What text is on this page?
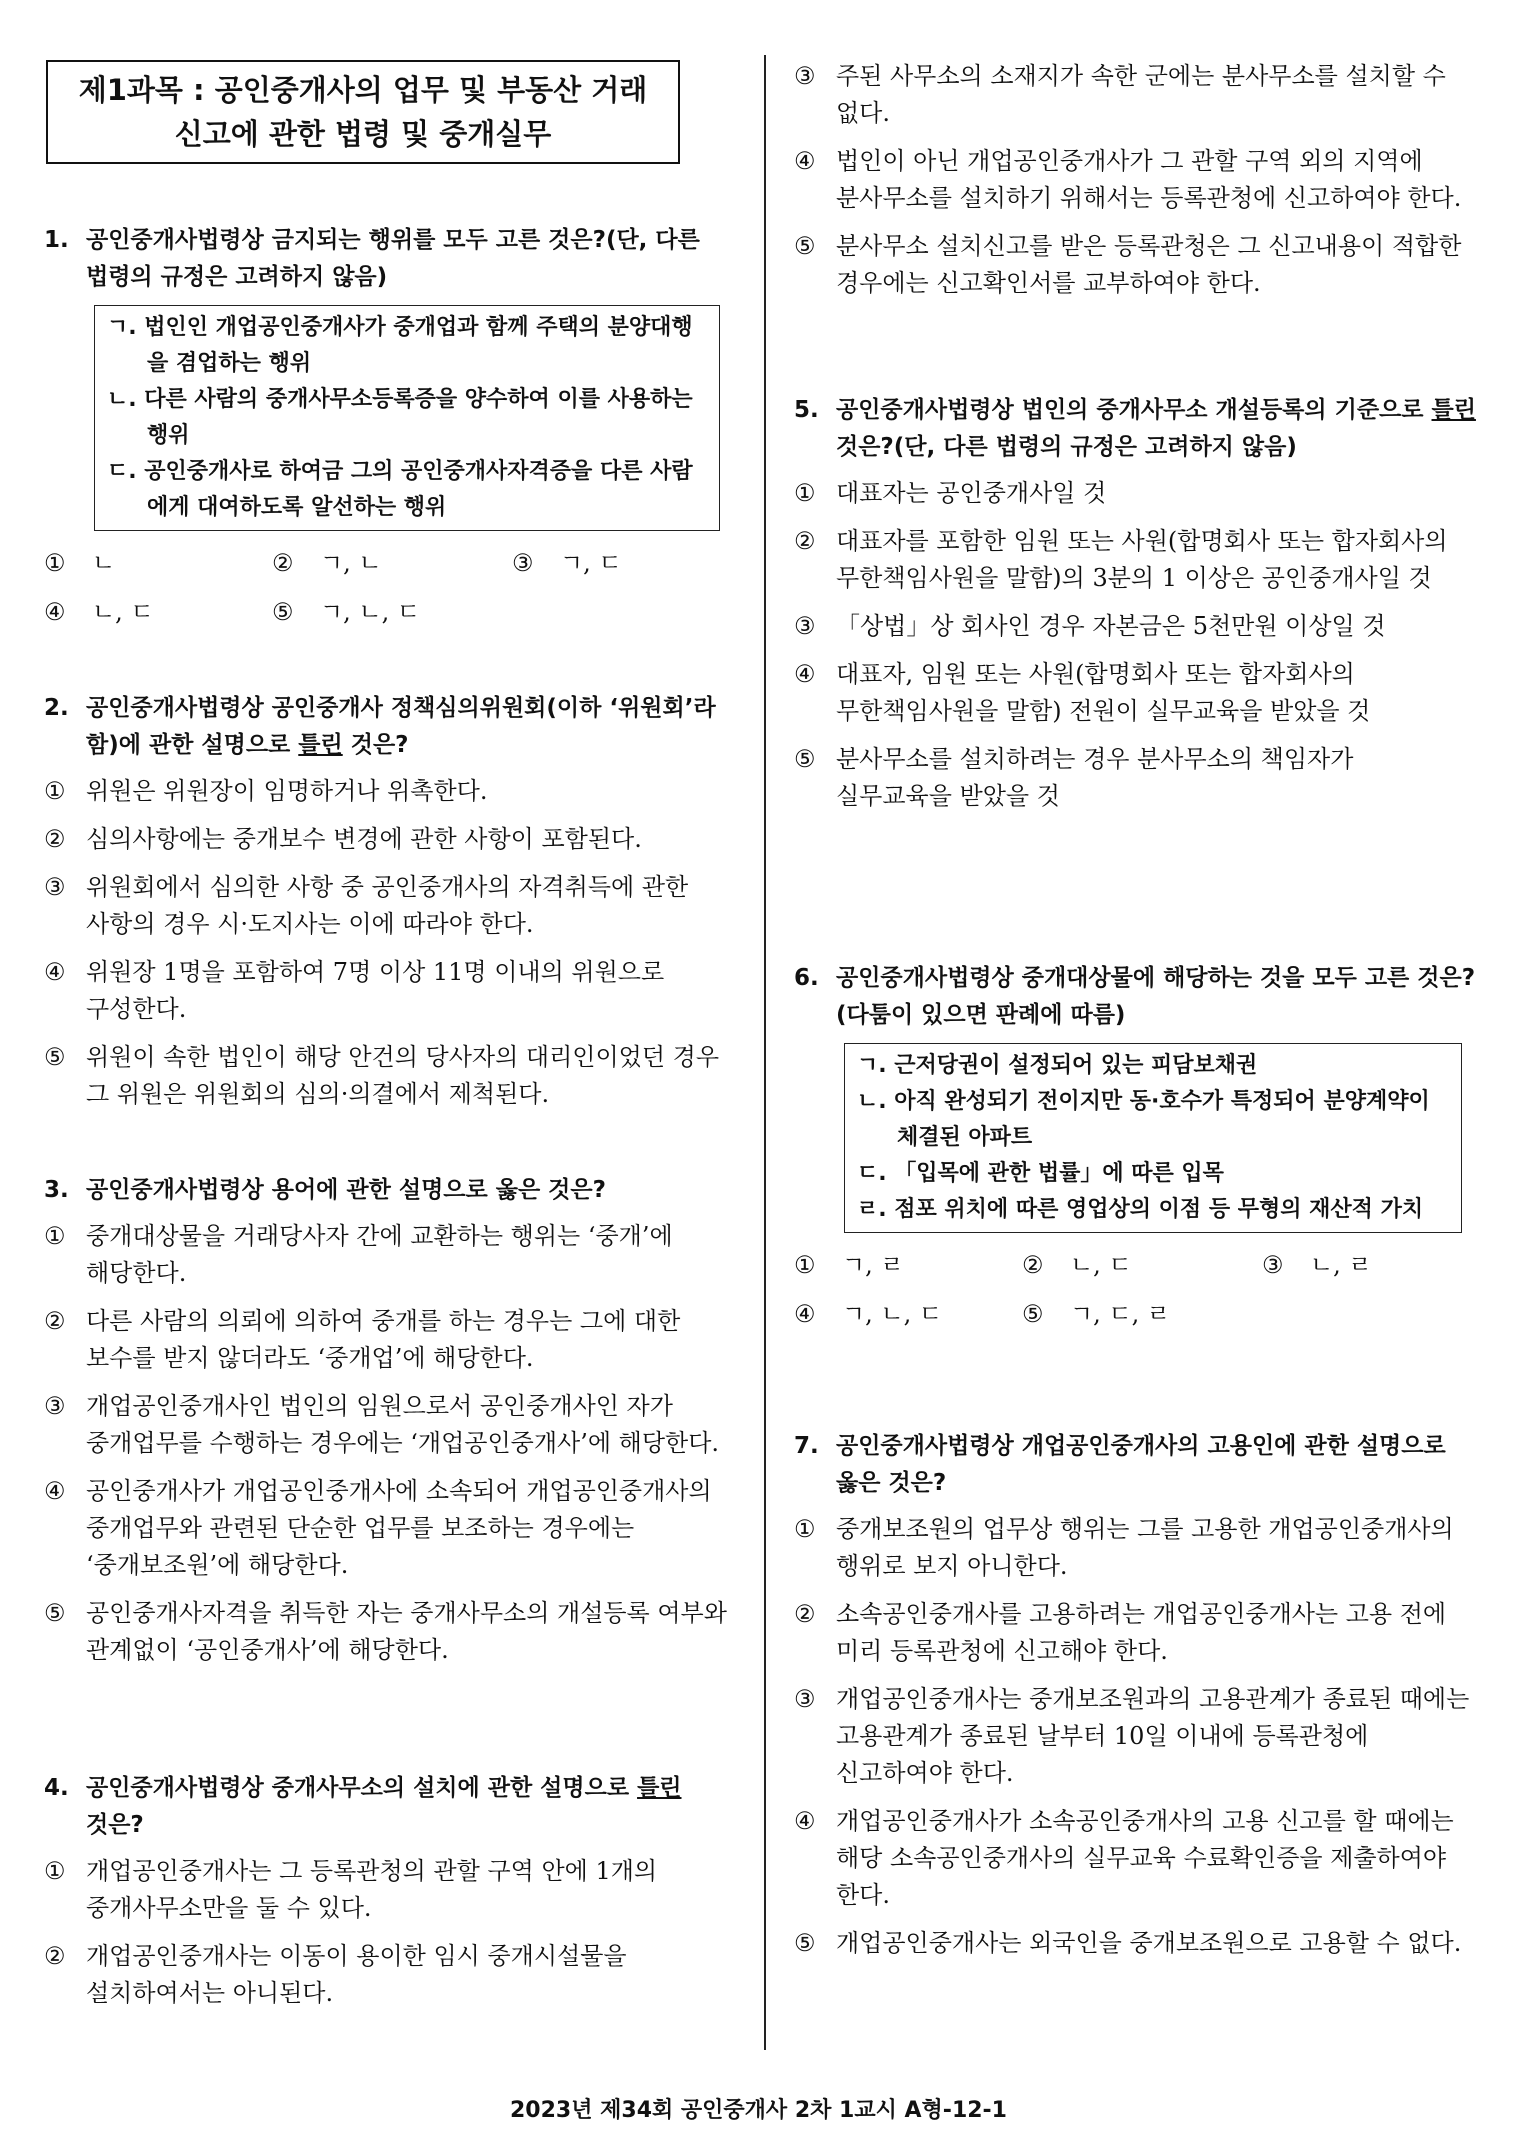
제1과목 : 공인중개사의 업무 및 부동산 거래
신고에 관한 법령 및 중개실무

1. 공인중개사법령상 금지되는 행위를 모두 고른 것은?(단, 다른 법령의 규정은 고려하지 않음)

ㄱ. 법인인 개업공인중개사가 중개업과 함께 주택의 분양대행을 겸업하는 행위
ㄴ. 다른 사람의 중개사무소등록증을 양수하여 이를 사용하는 행위
ㄷ. 공인중개사로 하여금 그의 공인중개사자격증을 다른 사람에게 대여하도록 알선하는 행위
① ㄴ	② ㄱ, ㄴ	③ ㄱ, ㄷ
④ ㄴ, ㄷ	⑤ ㄱ, ㄴ, ㄷ

2. 공인중개사법령상 공인중개사 정책심의위원회(이하 ‘위원회’라 함)에 관한 설명으로 틀린 것은?

① 위원은 위원장이 임명하거나 위촉한다.
② 심의사항에는 중개보수 변경에 관한 사항이 포함된다.
③ 위원회에서 심의한 사항 중 공인중개사의 자격취득에 관한 사항의 경우 시·도지사는 이에 따라야 한다.
④ 위원장 1명을 포함하여 7명 이상 11명 이내의 위원으로 구성한다.
⑤ 위원이 속한 법인이 해당 안건의 당사자의 대리인이었던 경우 그 위원은 위원회의 심의·의결에서 제척된다.

3. 공인중개사법령상 용어에 관한 설명으로 옳은 것은?

① 중개대상물을 거래당사자 간에 교환하는 행위는 ‘중개’에 해당한다.
② 다른 사람의 의뢰에 의하여 중개를 하는 경우는 그에 대한 보수를 받지 않더라도 ‘중개업’에 해당한다.
③ 개업공인중개사인 법인의 임원으로서 공인중개사인 자가 중개업무를 수행하는 경우에는 ‘개업공인중개사’에 해당한다.
④ 공인중개사가 개업공인중개사에 소속되어 개업공인중개사의 중개업무와 관련된 단순한 업무를 보조하는 경우에는 ‘중개보조원’에 해당한다.
⑤ 공인중개사자격을 취득한 자는 중개사무소의 개설등록 여부와 관계없이 ‘공인중개사’에 해당한다.

4. 공인중개사법령상 중개사무소의 설치에 관한 설명으로 틀린 것은?

① 개업공인중개사는 그 등록관청의 관할 구역 안에 1개의 중개사무소만을 둘 수 있다.
② 개업공인중개사는 이동이 용이한 임시 중개시설물을 설치하여서는 아니된다.
③ 주된 사무소의 소재지가 속한 군에는 분사무소를 설치할 수 없다.
④ 법인이 아닌 개업공인중개사가 그 관할 구역 외의 지역에 분사무소를 설치하기 위해서는 등록관청에 신고하여야 한다.
⑤ 분사무소 설치신고를 받은 등록관청은 그 신고내용이 적합한 경우에는 신고확인서를 교부하여야 한다.

5. 공인중개사법령상 법인의 중개사무소 개설등록의 기준으로 틀린 것은?(단, 다른 법령의 규정은 고려하지 않음)

① 대표자는 공인중개사일 것
② 대표자를 포함한 임원 또는 사원(합명회사 또는 합자회사의 무한책임사원을 말함)의 3분의 1 이상은 공인중개사일 것
③ 「상법」상 회사인 경우 자본금은 5천만원 이상일 것
④ 대표자, 임원 또는 사원(합명회사 또는 합자회사의 무한책임사원을 말함) 전원이 실무교육을 받았을 것
⑤ 분사무소를 설치하려는 경우 분사무소의 책임자가 실무교육을 받았을 것

6. 공인중개사법령상 중개대상물에 해당하는 것을 모두 고른 것은?(다툼이 있으면 판례에 따름)

ㄱ. 근저당권이 설정되어 있는 피담보채권
ㄴ. 아직 완성되기 전이지만 동·호수가 특정되어 분양계약이 체결된 아파트
ㄷ. 「입목에 관한 법률」에 따른 입목
ㄹ. 점포 위치에 따른 영업상의 이점 등 무형의 재산적 가치
① ㄱ, ㄹ	② ㄴ, ㄷ	③ ㄴ, ㄹ
④ ㄱ, ㄴ, ㄷ	⑤ ㄱ, ㄷ, ㄹ

7. 공인중개사법령상 개업공인중개사의 고용인에 관한 설명으로 옳은 것은?

① 중개보조원의 업무상 행위는 그를 고용한 개업공인중개사의 행위로 보지 아니한다.
② 소속공인중개사를 고용하려는 개업공인중개사는 고용 전에 미리 등록관청에 신고해야 한다.
③ 개업공인중개사는 중개보조원과의 고용관계가 종료된 때에는 고용관계가 종료된 날부터 10일 이내에 등록관청에 신고하여야 한다.
④ 개업공인중개사가 소속공인중개사의 고용 신고를 할 때에는 해당 소속공인중개사의 실무교육 수료확인증을 제출하여야 한다.
⑤ 개업공인중개사는 외국인을 중개보조원으로 고용할 수 없다.
2023년 제34회 공인중개사 2차 1교시 A형-12-1
